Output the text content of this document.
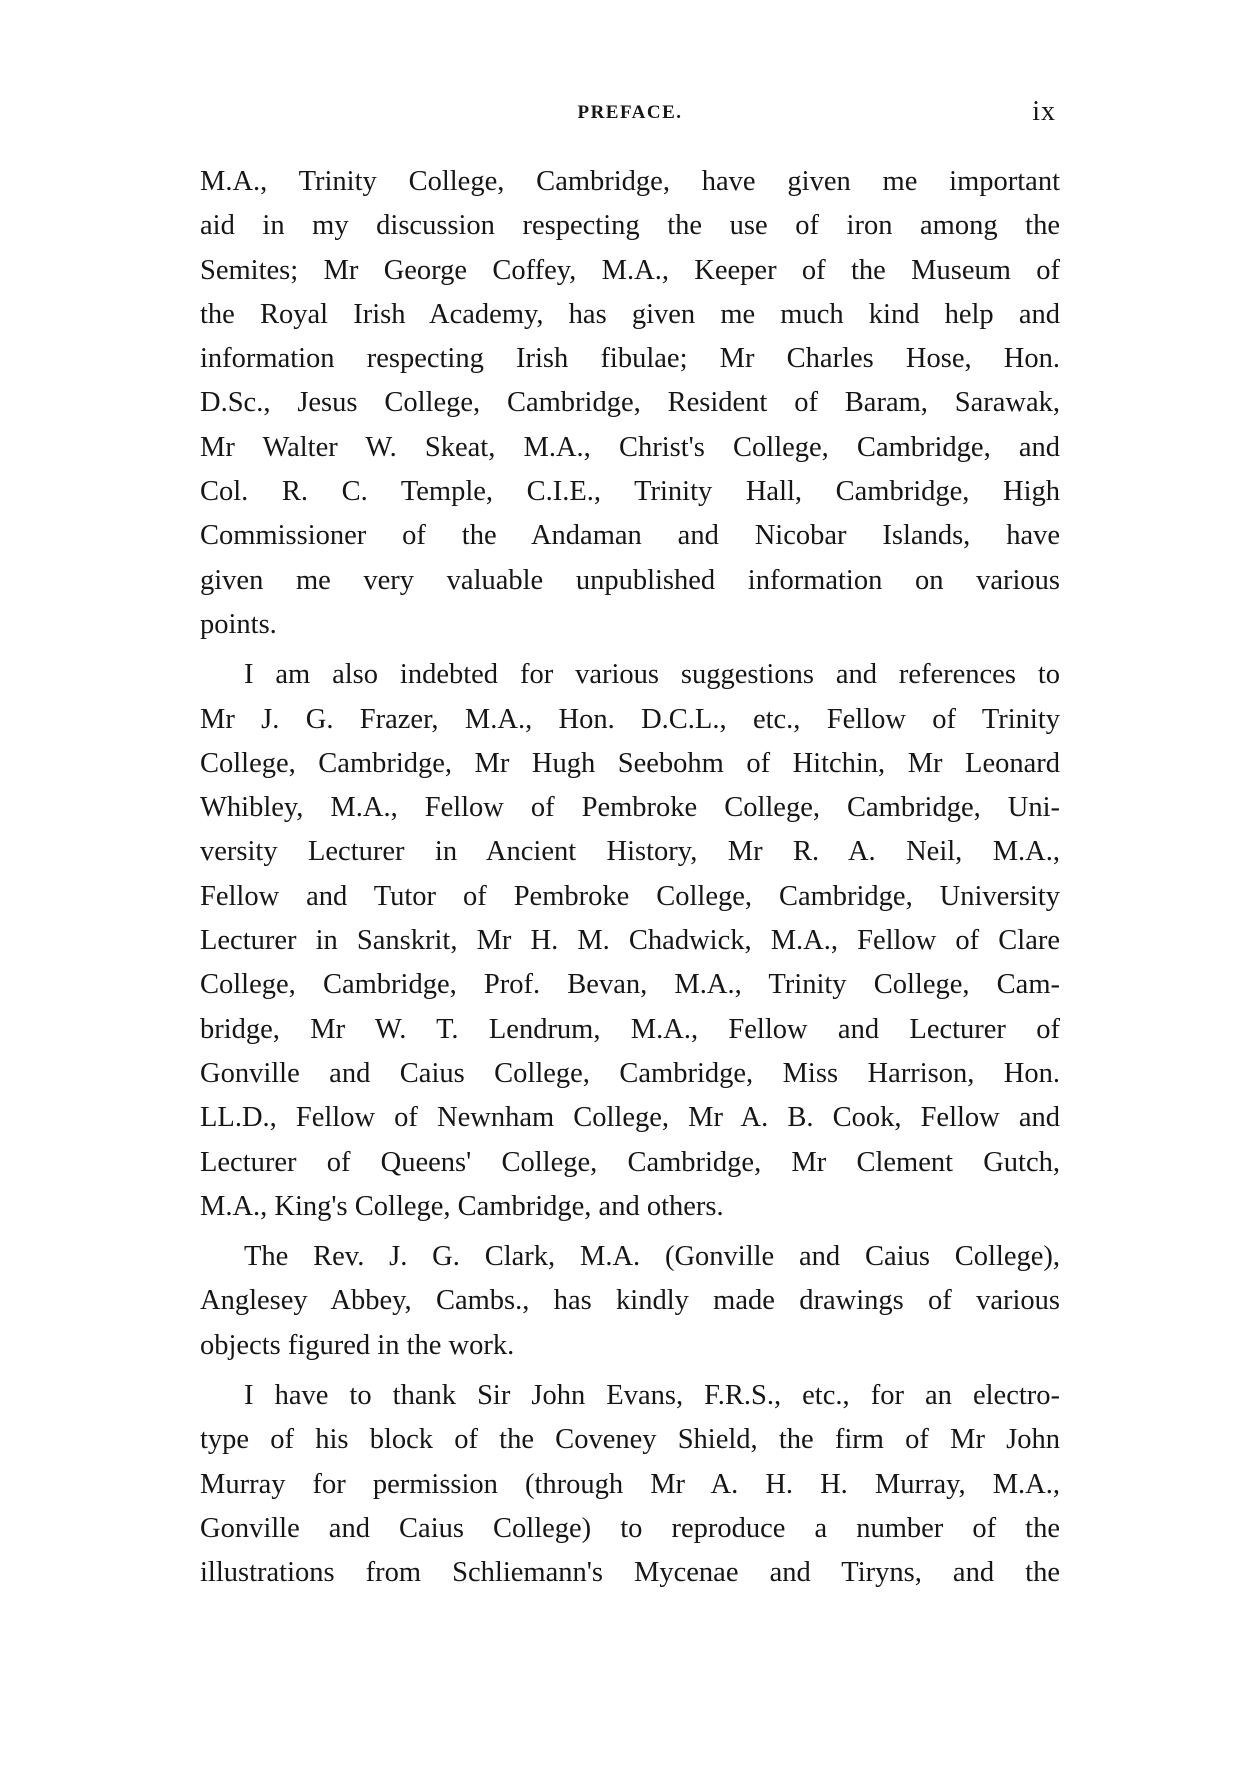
PREFACE.	ix
M.A., Trinity College, Cambridge, have given me important
aid in my discussion respecting the use of iron among the
Semites; Mr George Coffey, M.A., Keeper of the Museum of
the Royal Irish Academy, has given me much kind help and
information respecting Irish fibulae; Mr Charles Hose, Hon.
D.Sc., Jesus College, Cambridge, Resident of Baram, Sarawak,
Mr Walter W. Skeat, M.A., Christ's College, Cambridge, and
Col. R. C. Temple, C.I.E., Trinity Hall, Cambridge, High
Commissioner of the Andaman and Nicobar Islands, have
given me very valuable unpublished information on various
points.
I am also indebted for various suggestions and references to
Mr J. G. Frazer, M.A., Hon. D.C.L., etc., Fellow of Trinity
College, Cambridge, Mr Hugh Seebohm of Hitchin, Mr Leonard
Whibley, M.A., Fellow of Pembroke College, Cambridge, Uni-
versity Lecturer in Ancient History, Mr R. A. Neil, M.A.,
Fellow and Tutor of Pembroke College, Cambridge, University
Lecturer in Sanskrit, Mr H. M. Chadwick, M.A., Fellow of Clare
College, Cambridge, Prof. Bevan, M.A., Trinity College, Cam-
bridge, Mr W. T. Lendrum, M.A., Fellow and Lecturer of
Gonville and Caius College, Cambridge, Miss Harrison, Hon.
LL.D., Fellow of Newnham College, Mr A. B. Cook, Fellow and
Lecturer of Queens' College, Cambridge, Mr Clement Gutch,
M.A., King's College, Cambridge, and others.
The Rev. J. G. Clark, M.A. (Gonville and Caius College),
Anglesey Abbey, Cambs., has kindly made drawings of various
objects figured in the work.
I have to thank Sir John Evans, F.R.S., etc., for an electro-
type of his block of the Coveney Shield, the firm of Mr John
Murray for permission (through Mr A. H. H. Murray, M.A.,
Gonville and Caius College) to reproduce a number of the
illustrations from Schliemann's Mycenae and Tiryns, and the
